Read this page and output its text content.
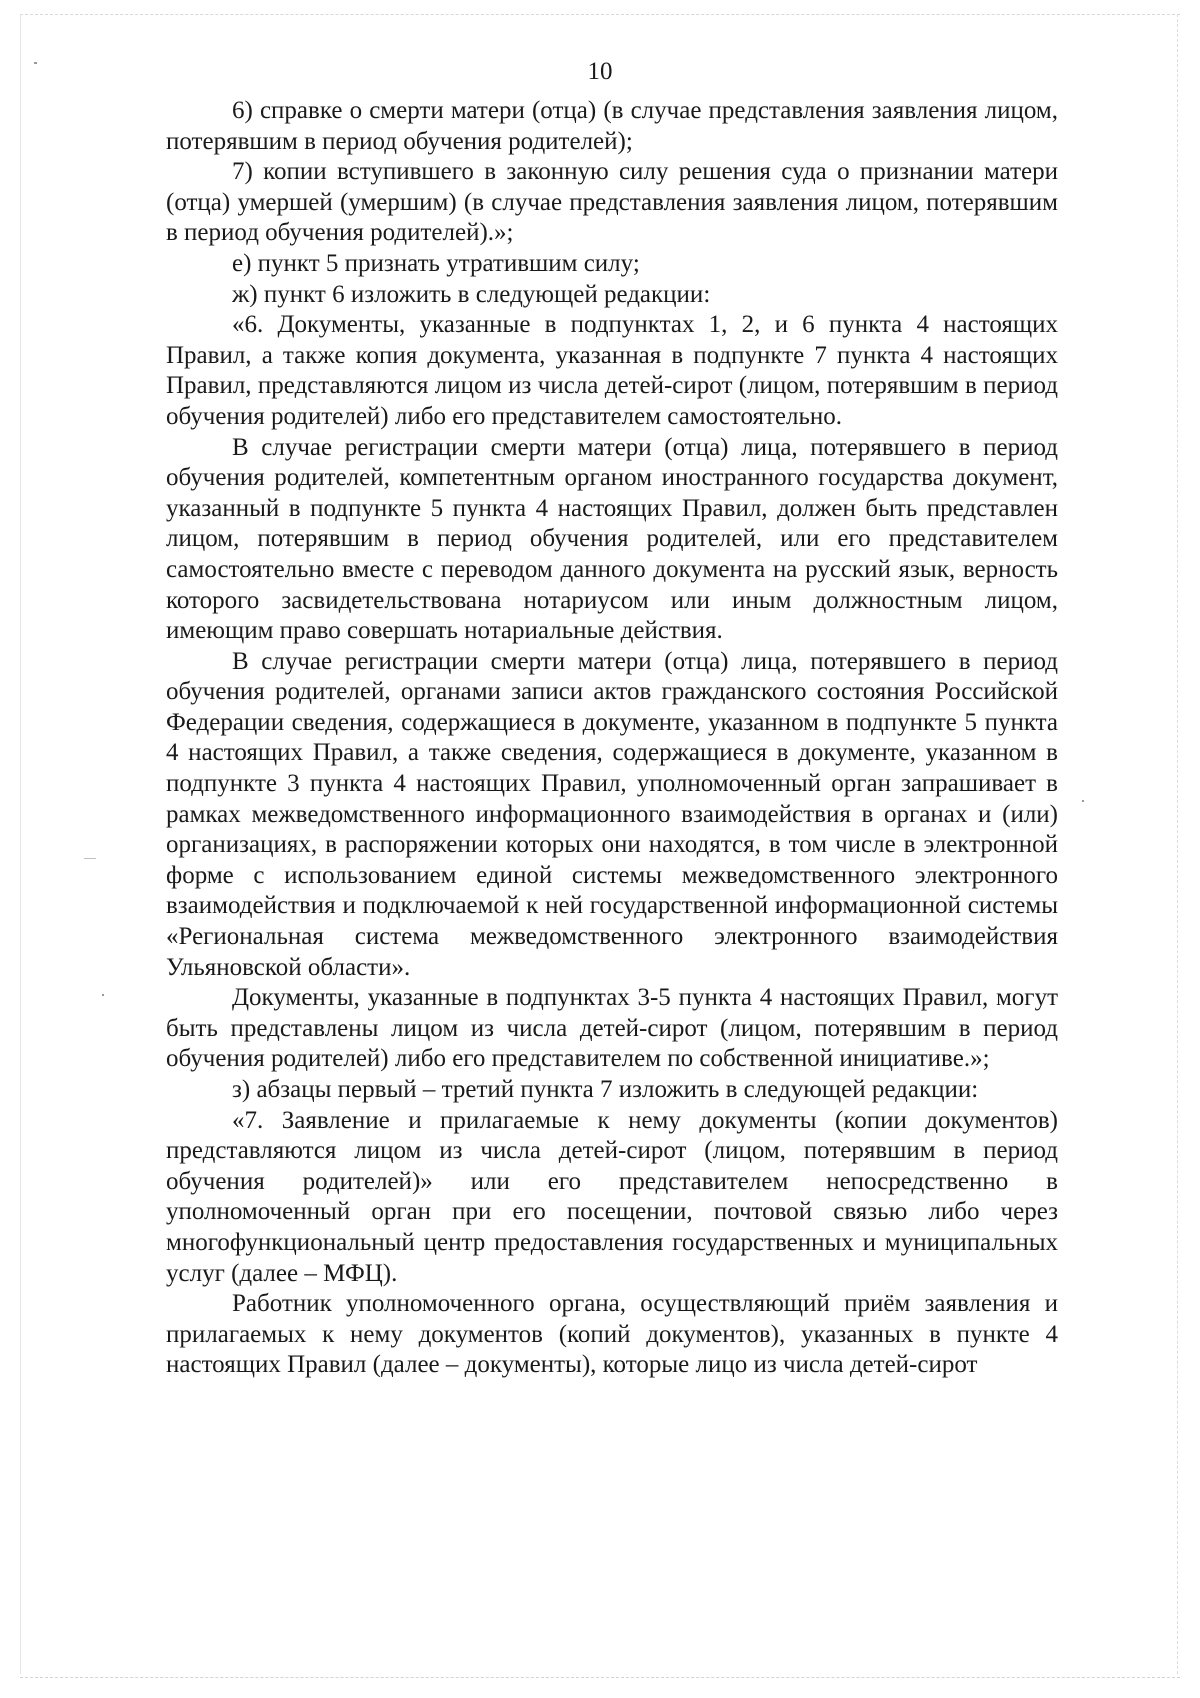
10

6) справке о смерти матери (отца) (в случае представления заявления лицом, потерявшим в период обучения родителей);

7) копии вступившего в законную силу решения суда о признании матери (отца) умершей (умершим) (в случае представления заявления лицом, потерявшим в период обучения родителей).»;

е) пункт 5 признать утратившим силу;

ж) пункт 6 изложить в следующей редакции:

«6. Документы, указанные в подпунктах 1, 2, и 6 пункта 4 настоящих Правил, а также копия документа, указанная в подпункте 7 пункта 4 настоящих Правил, представляются лицом из числа детей-сирот (лицом, потерявшим в период обучения родителей) либо его представителем самостоятельно.

В случае регистрации смерти матери (отца) лица, потерявшего в период обучения родителей, компетентным органом иностранного государства документ, указанный в подпункте 5 пункта 4 настоящих Правил, должен быть представлен лицом, потерявшим в период обучения родителей, или его представителем самостоятельно вместе с переводом данного документа на русский язык, верность которого засвидетельствована нотариусом или иным должностным лицом, имеющим право совершать нотариальные действия.

В случае регистрации смерти матери (отца) лица, потерявшего в период обучения родителей, органами записи актов гражданского состояния Российской Федерации сведения, содержащиеся в документе, указанном в подпункте 5 пункта 4 настоящих Правил, а также сведения, содержащиеся в документе, указанном в подпункте 3 пункта 4 настоящих Правил, уполномоченный орган запрашивает в рамках межведомственного информационного взаимодействия в органах и (или) организациях, в распоряжении которых они находятся, в том числе в электронной форме с использованием единой системы межведомственного электронного взаимодействия и подключаемой к ней государственной информационной системы «Региональная система межведомственного электронного взаимодействия Ульяновской области».

Документы, указанные в подпунктах 3-5 пункта 4 настоящих Правил, могут быть представлены лицом из числа детей-сирот (лицом, потерявшим в период обучения родителей) либо его представителем по собственной инициативе.»;

з) абзацы первый – третий пункта 7 изложить в следующей редакции:

«7. Заявление и прилагаемые к нему документы (копии документов) представляются лицом из числа детей-сирот (лицом, потерявшим в период обучения родителей)» или его представителем непосредственно в уполномоченный орган при его посещении, почтовой связью либо через многофункциональный центр предоставления государственных и муниципальных услуг (далее – МФЦ).

Работник уполномоченного органа, осуществляющий приём заявления и прилагаемых к нему документов (копий документов), указанных в пункте 4 настоящих Правил (далее – документы), которые лицо из числа детей-сирот
